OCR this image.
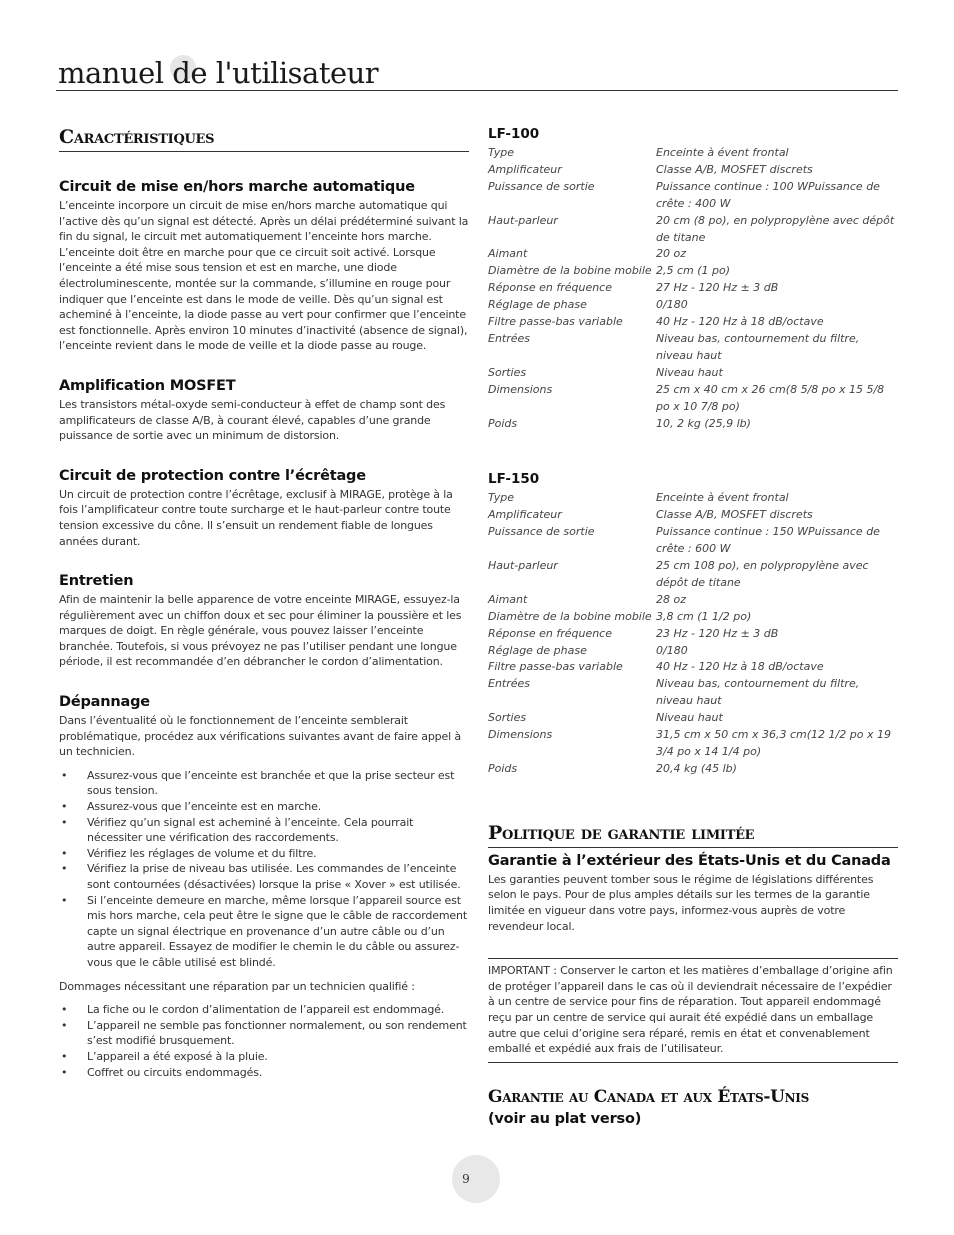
manuel de l'utilisateur
Caractéristiques
Circuit de mise en/hors marche automatique
L’enceinte incorpore un circuit de mise en/hors marche automatique qui l’active dès qu’un signal est détecté. Après un délai prédéterminé suivant la fin du signal, le circuit met automatiquement l’enceinte hors marche. L’enceinte doit être en marche pour que ce circuit soit activé. Lorsque l’enceinte a été mise sous tension et est en marche, une diode électroluminescente, montée sur la commande, s’illumine en rouge pour indiquer que l’enceinte est dans le mode de veille. Dès qu’un signal est acheminé à l’enceinte, la diode passe au vert pour confirmer que l’enceinte est fonctionnelle. Après environ 10 minutes d’inactivité (absence de signal), l’enceinte revient dans le mode de veille et la diode passe au rouge.
Amplification MOSFET
Les transistors métal-oxyde semi-conducteur à effet de champ sont des amplificateurs de classe A/B, à courant élevé, capables d’une grande puissance de sortie avec un minimum de distorsion.
Circuit de protection contre l’écrêtage
Un circuit de protection contre l’écrêtage, exclusif à MIRAGE, protège à la fois l’amplificateur contre toute surcharge et le haut-parleur contre toute tension excessive du cône. Il s’ensuit un rendement fiable de longues années durant.
Entretien
Afin de maintenir la belle apparence de votre enceinte MIRAGE, essuyez-la régulièrement avec un chiffon doux et sec pour éliminer la poussière et les marques de doigt. En règle générale, vous pouvez laisser l’enceinte branchée. Toutefois, si vous prévoyez ne pas l’utiliser pendant une longue période, il est recommandée d’en débrancher le cordon d’alimentation.
Dépannage
Dans l’éventualité où le fonctionnement de l’enceinte semblerait problématique, procédez aux vérifications suivantes avant de faire appel à un technicien.
• Assurez-vous que l’enceinte est branchée et que la prise secteur est sous tension.
• Assurez-vous que l’enceinte est en marche.
• Vérifiez qu’un signal est acheminé à l’enceinte. Cela pourrait nécessiter une vérification des raccordements.
• Vérifiez les réglages de volume et du filtre.
• Vérifiez la prise de niveau bas utilisée. Les commandes de l’enceinte sont contournées (désactivées) lorsque la prise « Xover » est utilisée.
• Si l’enceinte demeure en marche, même lorsque l’appareil source est mis hors marche, cela peut être le signe que le câble de raccordement capte un signal électrique en provenance d’un autre câble ou d’un autre appareil. Essayez de modifier le chemin le du câble ou assurez-vous que le câble utilisé est blindé.
Dommages nécessitant une réparation par un technicien qualifié :
• La fiche ou le cordon d’alimentation de l’appareil est endommagé.
• L’appareil ne semble pas fonctionner normalement, ou son rendement s’est modifié brusquement.
• L’appareil a été exposé à la pluie.
• Coffret ou circuits endommagés.
LF-100
Type	Enceinte à évent frontal
Amplificateur	Classe A/B, MOSFET discrets
Puissance de sortie	Puissance continue : 100 WPuissance de crête : 400 W
Haut-parleur	20 cm (8 po), en polypropylène avec dépôt de titane
Aimant	20 oz
Diamètre de la bobine mobile 2,5 cm (1 po)
Réponse en fréquence	27 Hz - 120 Hz ± 3 dB
Réglage de phase	0/180
Filtre passe-bas variable	40 Hz - 120 Hz à 18 dB/octave
Entrées	Niveau bas, contournement du filtre, niveau haut
Sorties	Niveau haut
Dimensions	25 cm x 40 cm x 26 cm(8 5/8 po x 15 5/8 po x 10 7/8 po)
Poids	10, 2 kg (25,9 lb)
LF-150
Type	Enceinte à évent frontal
Amplificateur	Classe A/B, MOSFET discrets
Puissance de sortie	Puissance continue : 150 WPuissance de crête : 600 W
Haut-parleur	25 cm 108 po), en polypropylène avec dépôt de titane
Aimant	28 oz
Diamètre de la bobine mobile 3,8 cm (1 1/2 po)
Réponse en fréquence	23 Hz - 120 Hz ± 3 dB
Réglage de phase	0/180
Filtre passe-bas variable	40 Hz - 120 Hz à 18 dB/octave
Entrées	Niveau bas, contournement du filtre, niveau haut
Sorties	Niveau haut
Dimensions	31,5 cm x 50 cm x 36,3 cm(12 1/2 po x 19 3/4 po x 14 1/4 po)
Poids	20,4 kg (45 lb)
Politique de garantie limitée
Garantie à l’extérieur des États-Unis et du Canada
Les garanties peuvent tomber sous le régime de législations différentes selon le pays. Pour de plus amples détails sur les termes de la garantie limitée en vigueur dans votre pays, informez-vous auprès de votre revendeur local.
IMPORTANT : Conserver le carton et les matières d’emballage d’origine afin de protéger l’appareil dans le cas où il deviendrait nécessaire de l’expédier à un centre de service pour fins de réparation. Tout appareil endommagé reçu par un centre de service qui aurait été expédié dans un emballage autre que celui d’origine sera réparé, remis en état et convenablement emballé et expédié aux frais de l’utilisateur.
Garantie au Canada et aux États-Unis
(voir au plat verso)
9
